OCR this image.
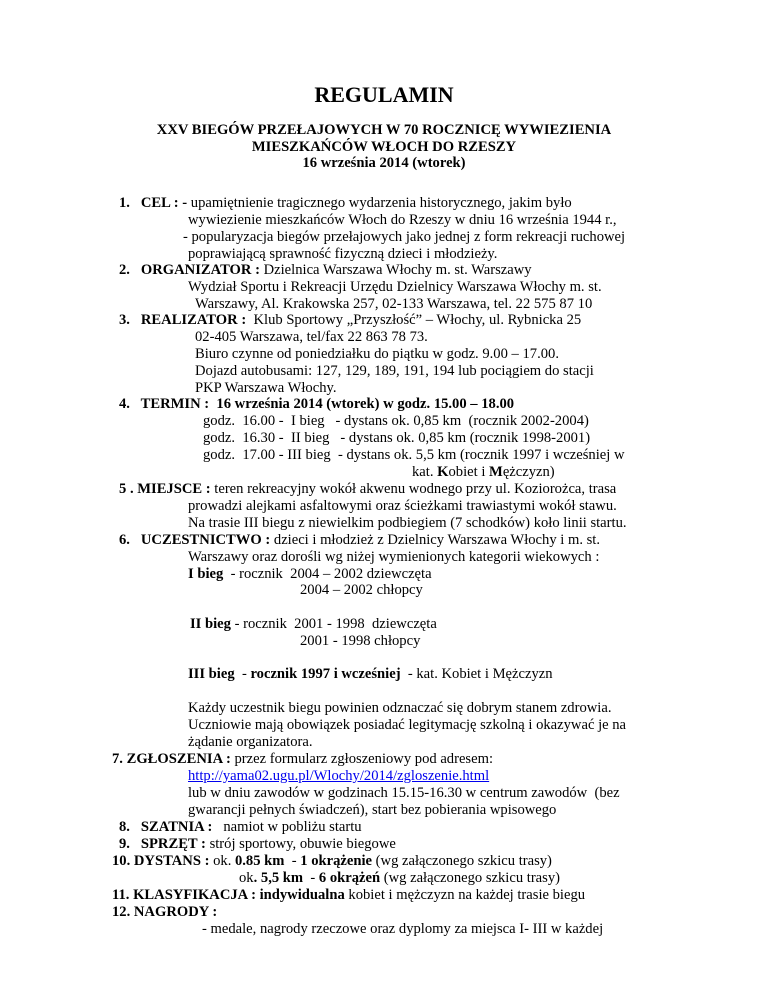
REGULAMIN
XXV BIEGÓW PRZEŁAJOWYCH W 70 ROCZNICĘ WYWIEZIENIA
MIESZKAŃCÓW WŁOCH DO RZESZY
16 września 2014 (wtorek)
1.   CEL : - upamiętnienie tragicznego wydarzenia historycznego, jakim było
wywiezienie mieszkańców Włoch do Rzeszy w dniu 16 września 1944 r.,
- popularyzacja biegów przełajowych jako jednej z form rekreacji ruchowej
poprawiającą sprawność fizyczną dzieci i młodzieży.
2.   ORGANIZATOR : Dzielnica Warszawa Włochy m. st. Warszawy
Wydział Sportu i Rekreacji Urzędu Dzielnicy Warszawa Włochy m. st.
Warszawy, Al. Krakowska 257, 02-133 Warszawa, tel. 22 575 87 10
3.   REALIZATOR :  Klub Sportowy „Przyszłość” – Włochy, ul. Rybnicka 25
02-405 Warszawa, tel/fax 22 863 78 73.
Biuro czynne od poniedziałku do piątku w godz. 9.00 – 17.00.
Dojazd autobusami: 127, 129, 189, 191, 194 lub pociągiem do stacji
PKP Warszawa Włochy.
4.   TERMIN :  16 września 2014 (wtorek) w godz. 15.00 – 18.00
godz.  16.00 -  I bieg   - dystans ok. 0,85 km  (rocznik 2002-2004)
godz.  16.30 -  II bieg   - dystans ok. 0,85 km (rocznik 1998-2001)
godz.  17.00 - III bieg  - dystans ok. 5,5 km (rocznik 1997 i wcześniej w
kat. Kobiet i Mężczyzn)
5 . MIEJSCE : teren rekreacyjny wokół akwenu wodnego przy ul. Koziorożca, trasa
prowadzi alejkami asfaltowymi oraz ścieżkami trawiastymi wokół stawu.
Na trasie III biegu z niewielkim podbiegiem (7 schodków) koło linii startu.
6.   UCZESTNICTWO : dzieci i młodzież z Dzielnicy Warszawa Włochy i m. st.
Warszawy oraz dorośli wg niżej wymienionych kategorii wiekowych :
I bieg  - rocznik  2004 – 2002 dziewczęta
2004 – 2002 chłopcy
II bieg - rocznik  2001 - 1998  dziewczęta
2001 - 1998 chłopcy
III bieg  - rocznik 1997 i wcześniej  - kat. Kobiet i Mężczyzn
Każdy uczestnik biegu powinien odznaczać się dobrym stanem zdrowia.
Uczniowie mają obowiązek posiadać legitymację szkolną i okazywać je na
żądanie organizatora.
7. ZGŁOSZENIA : przez formularz zgłoszeniowy pod adresem:
http://yama02.ugu.pl/Wlochy/2014/zgloszenie.html
lub w dniu zawodów w godzinach 15.15-16.30 w centrum zawodów  (bez
gwarancji pełnych świadczeń), start bez pobierania wpisowego
8.   SZATNIA :   namiot w pobliżu startu
9.   SPRZĘT : strój sportowy, obuwie biegowe
10. DYSTANS : ok. 0.85 km  - 1 okrążenie (wg załączonego szkicu trasy)
ok. 5,5 km  - 6 okrążeń (wg załączonego szkicu trasy)
11. KLASYFIKACJA : indywidualna kobiet i mężczyzn na każdej trasie biegu
12. NAGRODY :
- medale, nagrody rzeczowe oraz dyplomy za miejsca I- III w każdej
